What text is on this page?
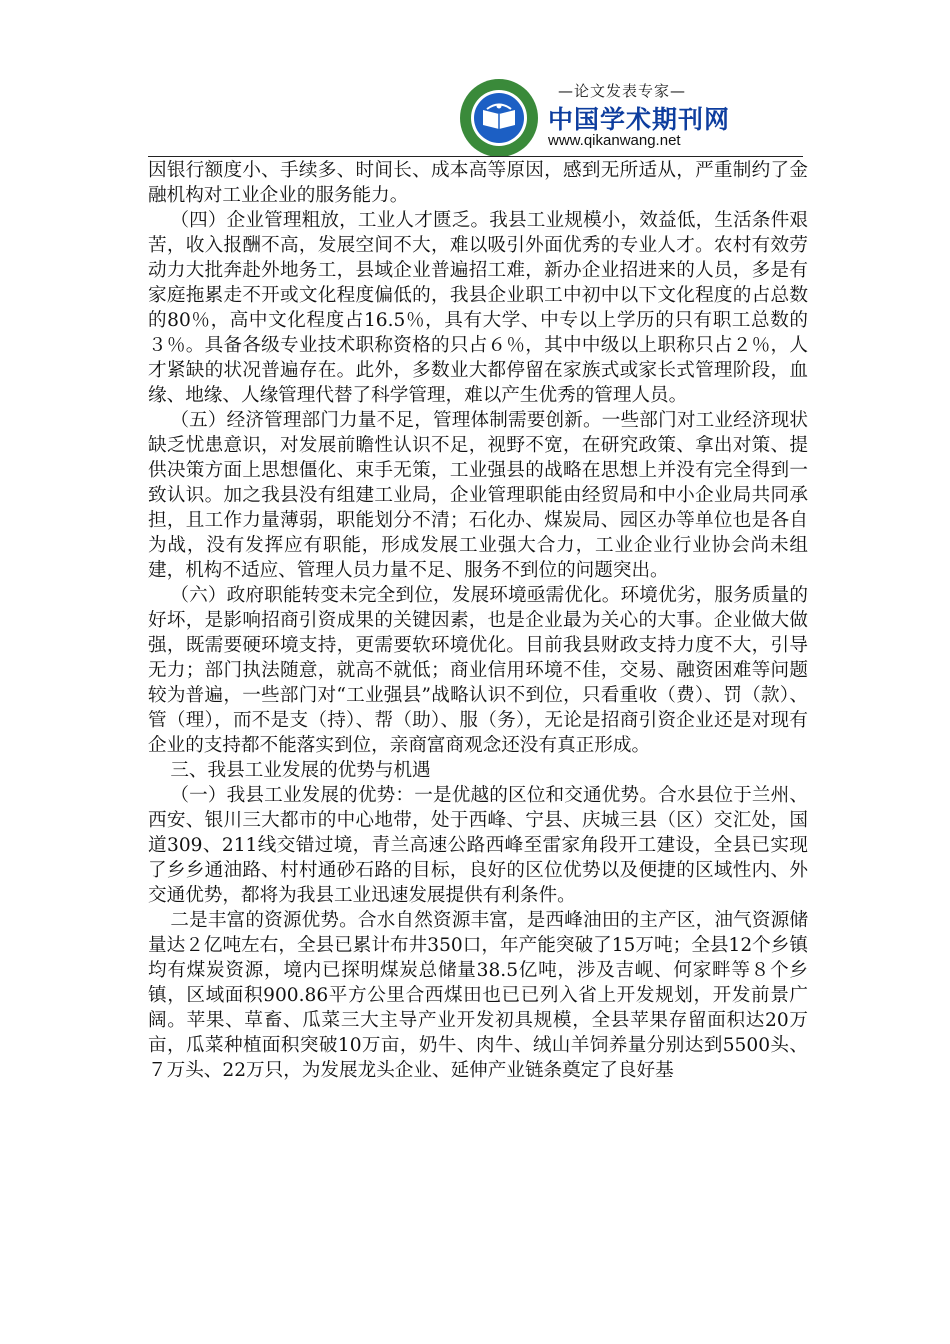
—论文发表专家—
中国学术期刊网
www.qikanwang.net

因银行额度小、手续多、时间长、成本高等原因，感到无所适从，严重制约了金融机构对工业企业的服务能力。

（四）企业管理粗放，工业人才匮乏。我县工业规模小，效益低，生活条件艰苦，收入报酬不高，发展空间不大，难以吸引外面优秀的专业人才。农村有效劳动力大批奔赴外地务工，县域企业普遍招工难，新办企业招进来的人员，多是有家庭拖累走不开或文化程度偏低的，我县企业职工中初中以下文化程度的占总数的80％，高中文化程度占16.5％，具有大学、中专以上学历的只有职工总数的３％。具备各级专业技术职称资格的只占６％，其中中级以上职称只占２％，人才紧缺的状况普遍存在。此外，多数业大都停留在家族式或家长式管理阶段，血缘、地缘、人缘管理代替了科学管理，难以产生优秀的管理人员。

（五）经济管理部门力量不足，管理体制需要创新。一些部门对工业经济现状缺乏忧患意识，对发展前瞻性认识不足，视野不宽，在研究政策、拿出对策、提供决策方面上思想僵化、束手无策，工业强县的战略在思想上并没有完全得到一致认识。加之我县没有组建工业局，企业管理职能由经贸局和中小企业局共同承担，且工作力量薄弱，职能划分不清；石化办、煤炭局、园区办等单位也是各自为战，没有发挥应有职能，形成发展工业强大合力，工业企业行业协会尚未组建，机构不适应、管理人员力量不足、服务不到位的问题突出。

（六）政府职能转变未完全到位，发展环境亟需优化。环境优劣，服务质量的好坏，是影响招商引资成果的关键因素，也是企业最为关心的大事。企业做大做强，既需要硬环境支持，更需要软环境优化。目前我县财政支持力度不大，引导无力；部门执法随意，就高不就低；商业信用环境不佳，交易、融资困难等问题较为普遍，一些部门对“工业强县”战略认识不到位，只看重收（费）、罚（款）、管（理），而不是支（持）、帮（助）、服（务），无论是招商引资企业还是对现有企业的支持都不能落实到位，亲商富商观念还没有真正形成。

三、我县工业发展的优势与机遇

（一）我县工业发展的优势：一是优越的区位和交通优势。合水县位于兰州、西安、银川三大都市的中心地带，处于西峰、宁县、庆城三县（区）交汇处，国道309、211线交错过境，青兰高速公路西峰至雷家角段开工建设，全县已实现了乡乡通油路、村村通砂石路的目标，良好的区位优势以及便捷的区域性内、外交通优势，都将为我县工业迅速发展提供有利条件。

二是丰富的资源优势。合水自然资源丰富，是西峰油田的主产区，油气资源储量达２亿吨左右，全县已累计布井350口，年产能突破了15万吨；全县12个乡镇均有煤炭资源，境内已探明煤炭总储量38.5亿吨，涉及吉岘、何家畔等８个乡镇，区域面积900.86平方公里合西煤田也已已列入省上开发规划，开发前景广阔。苹果、草畜、瓜菜三大主导产业开发初具规模，全县苹果存留面积达20万亩，瓜菜种植面积突破10万亩，奶牛、肉牛、绒山羊饲养量分别达到5500头、７万头、22万只，为发展龙头企业、延伸产业链条奠定了良好基
